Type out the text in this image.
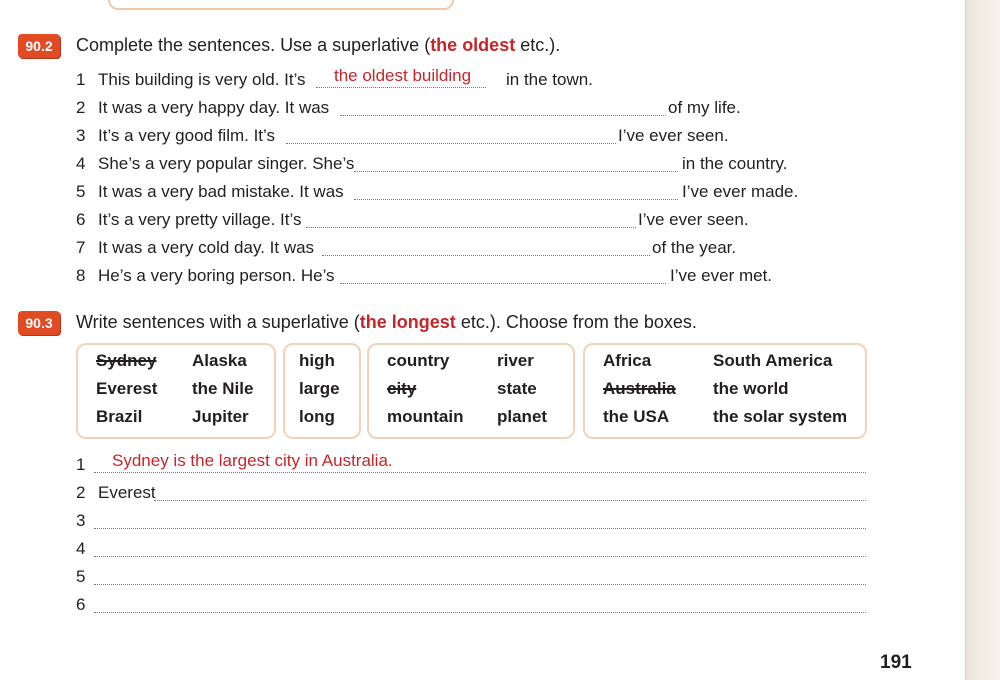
90.2	Complete the sentences. Use a superlative (the oldest etc.).
1 This building is very old. It’s the oldest building in the town.
2 It was a very happy day. It was	of my life.
3 It’s a very good film. It’s	I’ve ever seen.
4 She’s a very popular singer. She’s	in the country.
5 It was a very bad mistake. It was	I’ve ever made.
6 It’s a very pretty village. It’s	I’ve ever seen.
7 It was a very cold day. It was	of the year.
8 He’s a very boring person. He’s	I’ve ever met.
90.3	Write sentences with a superlative (the longest etc.). Choose from the boxes.
Sydney Alaska
Everest the Nile
Brazil	Jupiter
high
large
long
country	river
city	state
mountain planet
Africa	South America
Australia the world
the USA	the solar system
1 Sydney is the largest city in Australia.
2 Everest
3
4
5
6
191
